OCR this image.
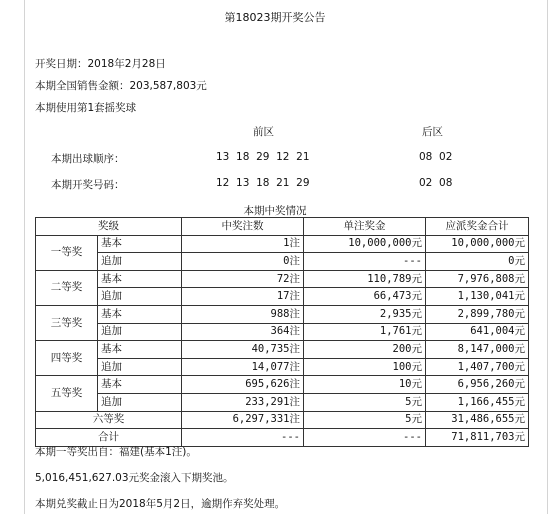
第18023期开奖公告
开奖日期：2018年2月28日
本期全国销售金额：203,587,803元
本期使用第1套摇奖球
前区	后区
本期出球顺序：	13  18  29  12  21	08  02
本期开奖号码：	12  13  18  21  29	02  08
本期中奖情况
奖级		中奖注数	单注奖金	应派奖金合计
一等奖	基本	1注	10,000,000元	10,000,000元
	追加	0注	---	0元
二等奖	基本	72注	110,789元	7,976,808元
	追加	17注	66,473元	1,130,041元
三等奖	基本	988注	2,935元	2,899,780元
	追加	364注	1,761元	641,004元
四等奖	基本	40,735注	200元	8,147,000元
	追加	14,077注	100元	1,407,700元
五等奖	基本	695,626注	10元	6,956,260元
	追加	233,291注	5元	1,166,455元
六等奖		6,297,331注	5元	31,486,655元
合计		---	---	71,811,703元
本期一等奖出自：福建(基本1注)。
5,016,451,627.03元奖金滚入下期奖池。
本期兑奖截止日为2018年5月2日，逾期作弃奖处理。
